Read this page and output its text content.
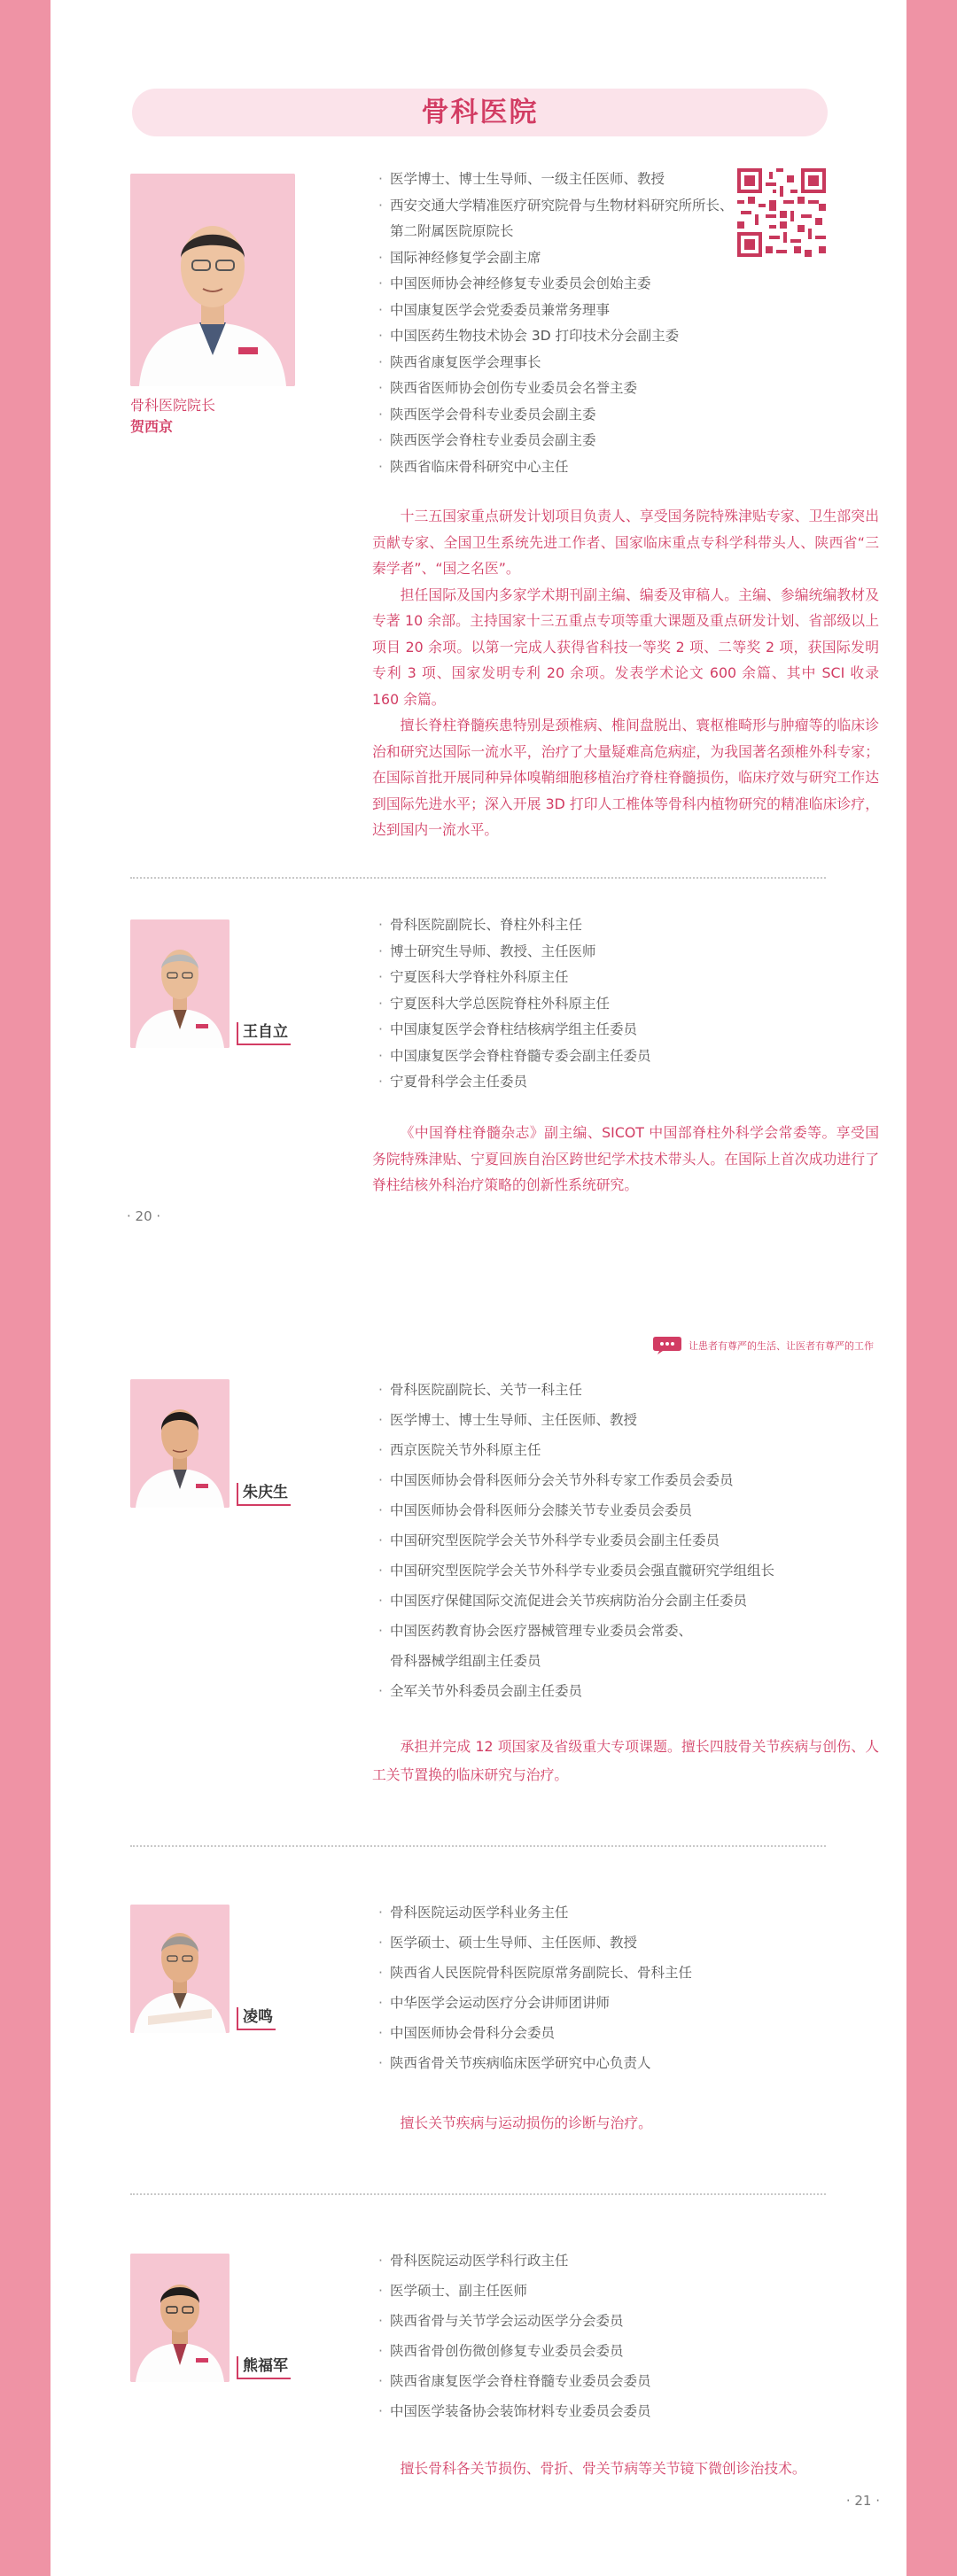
骨科医院
骨科医院院长
贺西京
· 医学博士、博士生导师、一级主任医师、教授
· 西安交通大学精准医疗研究院骨与生物材料研究所所长、
第二附属医院原院长
· 国际神经修复学会副主席
· 中国医师协会神经修复专业委员会创始主委
· 中国康复医学会党委委员兼常务理事
· 中国医药生物技术协会 3D 打印技术分会副主委
· 陕西省康复医学会理事长
· 陕西省医师协会创伤专业委员会名誉主委
· 陕西医学会骨科专业委员会副主委
· 陕西医学会脊柱专业委员会副主委
· 陕西省临床骨科研究中心主任

十三五国家重点研发计划项目负责人、享受国务院特殊津贴专家、卫生部突出贡献专家、全国卫生系统先进工作者、国家临床重点专科学科带头人、陕西省“三秦学者”、“国之名医”。

担任国际及国内多家学术期刊副主编、编委及审稿人。主编、参编统编教材及专著 10 余部。主持国家十三五重点专项等重大课题及重点研发计划、省部级以上项目 20 余项。以第一完成人获得省科技一等奖 2 项、二等奖 2 项，获国际发明专利 3 项、国家发明专利 20 余项。发表学术论文 600 余篇、其中 SCI 收录 160 余篇。

擅长脊柱脊髓疾患特别是颈椎病、椎间盘脱出、寰枢椎畸形与肿瘤等的临床诊治和研究达国际一流水平，治疗了大量疑难高危病症，为我国著名颈椎外科专家；在国际首批开展同种异体嗅鞘细胞移植治疗脊柱脊髓损伤，临床疗效与研究工作达到国际先进水平；深入开展 3D 打印人工椎体等骨科内植物研究的精准临床诊疗，达到国内一流水平。

王自立
· 骨科医院副院长、脊柱外科主任
· 博士研究生导师、教授、主任医师
· 宁夏医科大学脊柱外科原主任
· 宁夏医科大学总医院脊柱外科原主任
· 中国康复医学会脊柱结核病学组主任委员
· 中国康复医学会脊柱脊髓专委会副主任委员
· 宁夏骨科学会主任委员

《中国脊柱脊髓杂志》副主编、SICOT 中国部脊柱外科学会常委等。享受国务院特殊津贴、宁夏回族自治区跨世纪学术技术带头人。在国际上首次成功进行了脊柱结核外科治疗策略的创新性系统研究。

· 20 ·
让患者有尊严的生活、让医者有尊严的工作
朱庆生
· 骨科医院副院长、关节一科主任
· 医学博士、博士生导师、主任医师、教授
· 西京医院关节外科原主任
· 中国医师协会骨科医师分会关节外科专家工作委员会委员
· 中国医师协会骨科医师分会膝关节专业委员会委员
· 中国研究型医院学会关节外科学专业委员会副主任委员
· 中国研究型医院学会关节外科学专业委员会强直髋研究学组组长
· 中国医疗保健国际交流促进会关节疾病防治分会副主任委员
· 中国医药教育协会医疗器械管理专业委员会常委、
骨科器械学组副主任委员
· 全军关节外科委员会副主任委员

承担并完成 12 项国家及省级重大专项课题。擅长四肢骨关节疾病与创伤、人工关节置换的临床研究与治疗。

凌鸣
· 骨科医院运动医学科业务主任
· 医学硕士、硕士生导师、主任医师、教授
· 陕西省人民医院骨科医院原常务副院长、骨科主任
· 中华医学会运动医疗分会讲师团讲师
· 中国医师协会骨科分会委员
· 陕西省骨关节疾病临床医学研究中心负责人

擅长关节疾病与运动损伤的诊断与治疗。

熊福军
· 骨科医院运动医学科行政主任
· 医学硕士、副主任医师
· 陕西省骨与关节学会运动医学分会委员
· 陕西省骨创伤微创修复专业委员会委员
· 陕西省康复医学会脊柱脊髓专业委员会委员
· 中国医学装备协会装饰材料专业委员会委员

擅长骨科各关节损伤、骨折、骨关节病等关节镜下微创诊治技术。

· 21 ·
